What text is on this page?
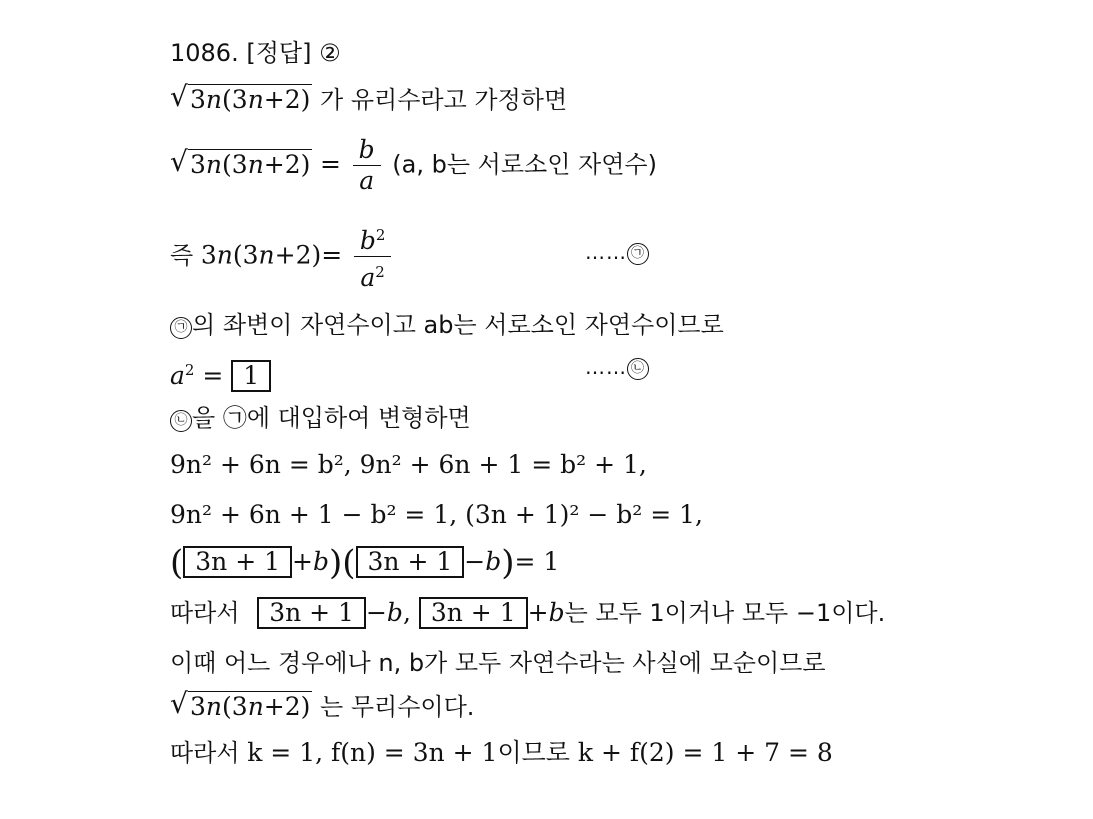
1086. [정답] ②
√ 3n(3n+2) 가 유리수라고 가정하면
√ $3n(3n+2) = \frac{b}{a} (a$, b는 서로소인 자연수)
즉 $3n(3n+2)= \frac{b^2}{a^2}$	…… ㉠
㉠ 의 좌변이 자연수이고 ab는 서로소인 자연수이므로
$a^2 = 1$	…… ㉡
㉡ 을 ㉠에 대입하여 변형하면
9n² + 6n = b², 9n² + 6n + 1 = b² + 1,
9n² + 6n + 1 − b² = 1, (3n + 1)² − b² = 1,
( 3n + 1 +b)( 3n + 1 −b)= 1
따라서 3n + 1 −b, 3n + 1 +b는 모두 1이거나 모두 −1이다.
이때 어느 경우에나 n, b가 모두 자연수라는 사실에 모순이므로
√ 3n(3n+2) 는 무리수이다.
따라서 k = 1, f(n) = 3n + 1이므로 k + f(2) = 1 + 7 = 8
